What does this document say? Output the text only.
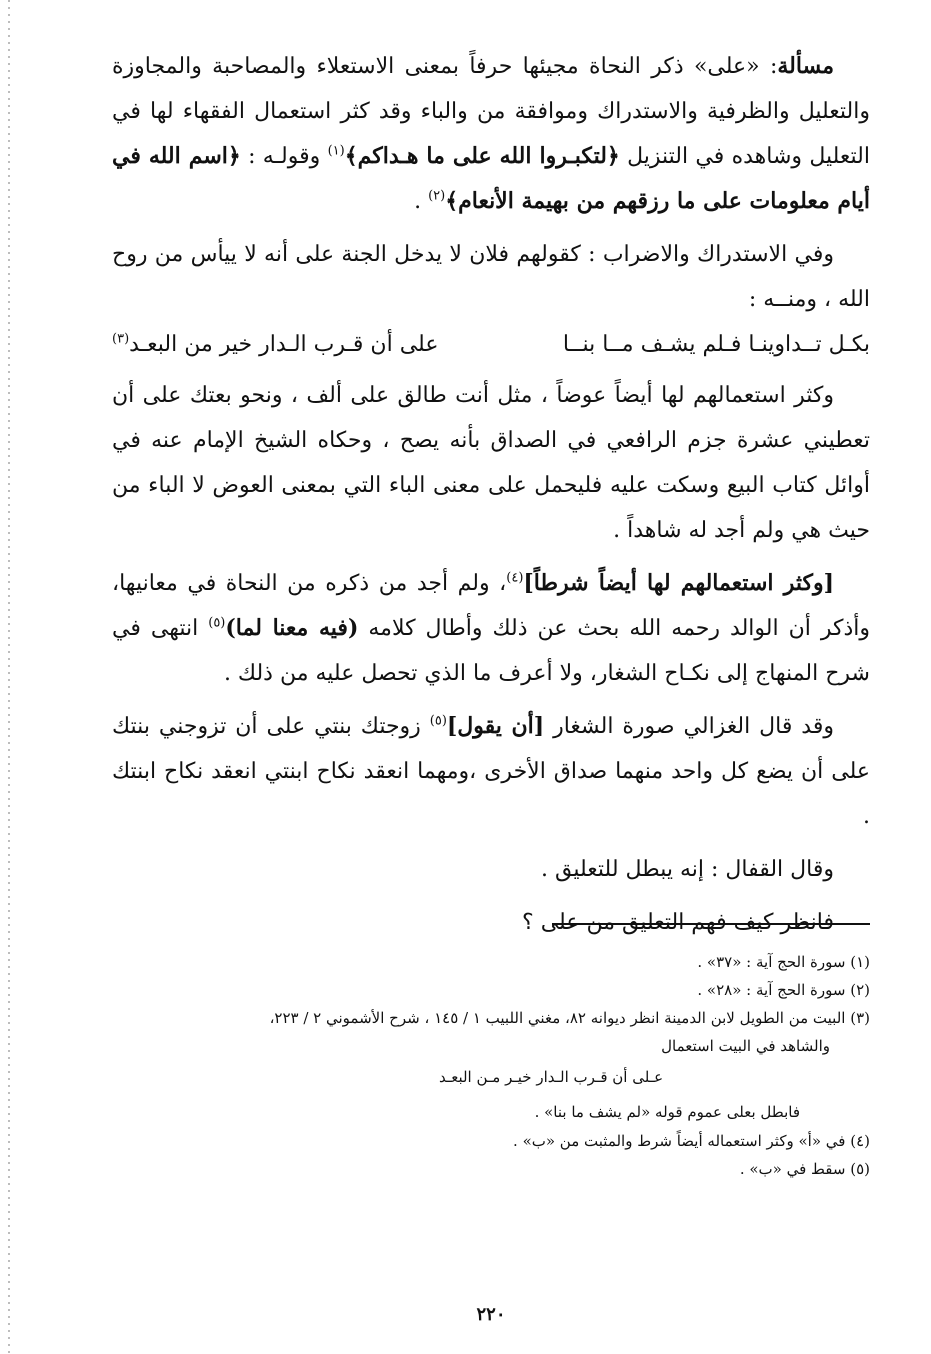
مسألة: «على» ذكر النحاة مجيئها حرفاً بمعنى الاستعلاء والمصاحبة والمجاوزة والتعليل والظرفية والاستدراك وموافقة من والباء وقد كثر استعمال الفقهاء لها في التعليل وشاهده في التنزيل ﴿لتكبـروا الله على ما هـداكم﴾$^{(١)}$ وقولـه : ﴿اسم الله في أيام معلومات على ما رزقهم من بهيمة الأنعام﴾$^{(٢)}$ .

وفي الاستدراك والاضراب : كقولهم فلان لا يدخل الجنة على أنه لا ييأس من روح الله ، ومنــه :

بكـل تــداوينـا فـلم يشـف مــا بنــا
على أن قـرب الـدار خير من البعـد$^{(٣)}$

وكثر استعمالهم لها أيضاً عوضاً ، مثل أنت طالق على ألف ، ونحو بعتك على أن تعطيني عشرة جزم الرافعي في الصداق بأنه يصح ، وحكاه الشيخ الإمام عنه في أوائل كتاب البيع وسكت عليه فليحمل على معنى الباء التي بمعنى العوض لا الباء من حيث هي ولم أجد له شاهداً .

[وكثر استعمالهم لها أيضاً شرطاً]$^{(٤)}$، ولم أجد من ذكره من النحاة في معانيها، وأذكر أن الوالد رحمه الله بحث عن ذلك وأطال كلامه (فيه معنا لما)$^{(٥)}$ انتهى في شرح المنهاج إلى نكـاح الشغار، ولا أعرف ما الذي تحصل عليه من ذلك .

وقد قال الغزالي صورة الشغار [أن يقول]$^{(٥)}$ زوجتك بنتي على أن تزوجني بنتك على أن يضع كل واحد منهما صداق الأخرى ،ومهما انعقد نكاح ابنتي انعقد نكاح ابنتك .

وقال القفال : إنه يبطل للتعليق .

فانظر كيف فهم التعليق من على ؟

(١) سورة الحج آية : «٣٧» .
(٢) سورة الحج آية : «٢٨» .
(٣) البيت من الطويل لابن الدمينة انظر ديوانه ٨٢، مغني اللبيب ١ / ١٤٥ ، شرح الأشموني ٢ / ٢٢٣،
والشاهد في البيت استعمال
عـلى أن قـرب الـدار خيـر مـن البعـد
فابطل بعلى عموم قوله «لم يشف ما بنا» .
(٤) في «أ» وكثر استعماله أيضاً شرط والمثبت من «ب» .
(٥) سقط في «ب» .
٢٢٠
